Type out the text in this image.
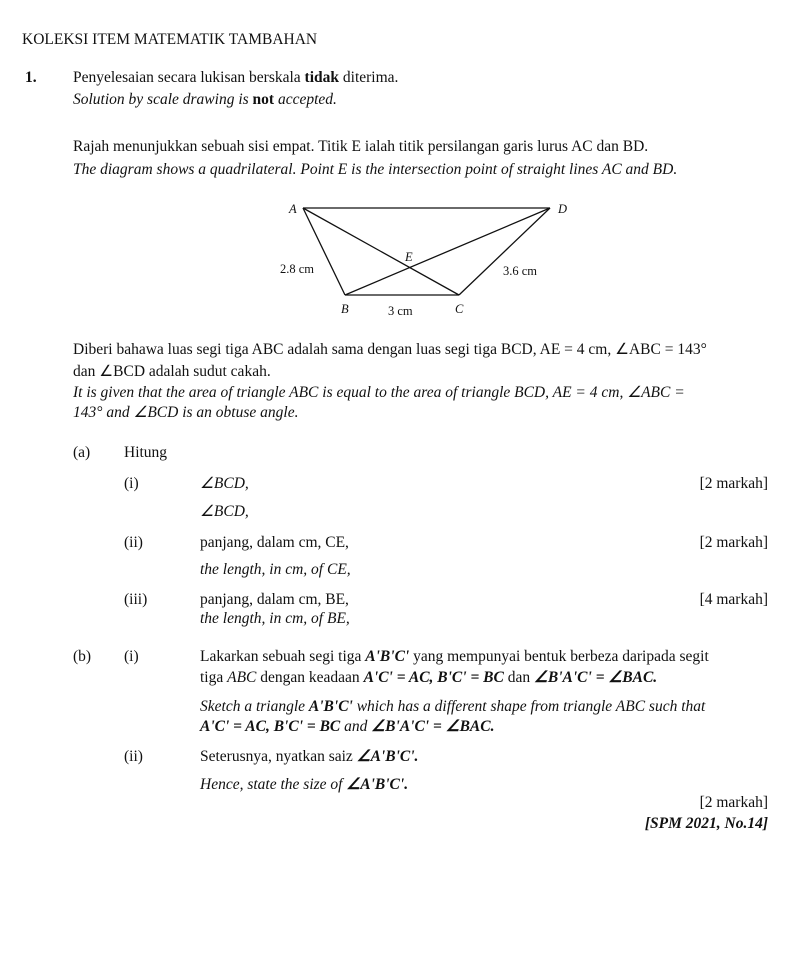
KOLEKSI ITEM MATEMATIK TAMBAHAN
1. Penyelesaian secara lukisan berskala tidak diterima.
Solution by scale drawing is not accepted.
Rajah menunjukkan sebuah sisi empat. Titik E ialah titik persilangan garis lurus AC dan BD.
The diagram shows a quadrilateral. Point E is the intersection point of straight lines AC and BD.
A	D
E
B	C
2.8 cm	3.6 cm
3 cm
Diberi bahawa luas segi tiga ABC adalah sama dengan luas segi tiga BCD, AE = 4 cm, ∠ABC = 143°
dan ∠BCD adalah sudut cakah.
It is given that the area of triangle ABC is equal to the area of triangle BCD, AE = 4 cm, ∠ABC =
143° and ∠BCD is an obtuse angle.
(a) Hitung
(i)	∠BCD,	[2 markah]
∠BCD,
(ii)	panjang, dalam cm, CE,	[2 markah]
the length, in cm, of CE,
(iii)	panjang, dalam cm, BE,	[4 markah]
the length, in cm, of BE,
(b) (i)	Lakarkan sebuah segi tiga A'B'C' yang mempunyai bentuk berbeza daripada segit
tiga ABC dengan keadaan A'C' = AC, B'C' = BC dan ∠B'A'C' = ∠BAC.
Sketch a triangle A'B'C' which has a different shape from triangle ABC such that
A'C' = AC, B'C' = BC and ∠B'A'C' = ∠BAC.
(ii)	Seterusnya, nyatkan saiz ∠A'B'C'.
Hence, state the size of ∠A'B'C'.
[2 markah]
[SPM 2021, No.14]
